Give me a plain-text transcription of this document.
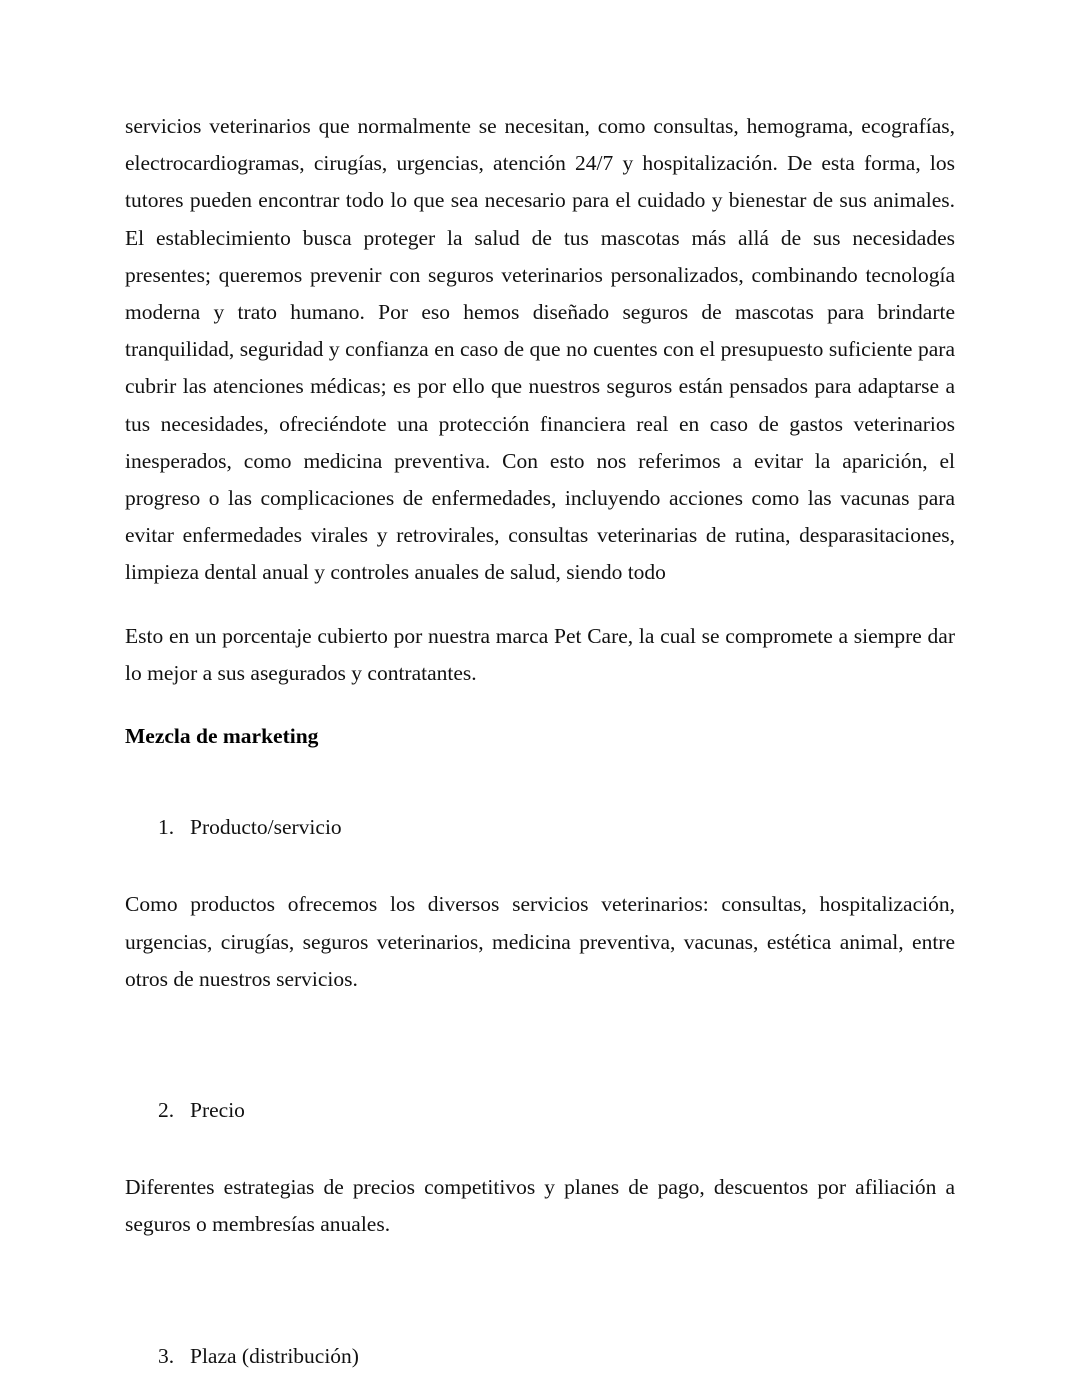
servicios veterinarios que normalmente se necesitan, como consultas, hemograma, ecografías, electrocardiogramas, cirugías, urgencias, atención 24/7 y hospitalización. De esta forma, los tutores pueden encontrar todo lo que sea necesario para el cuidado y bienestar de sus animales. El establecimiento busca proteger la salud de tus mascotas más allá de sus necesidades presentes; queremos prevenir con seguros veterinarios personalizados, combinando tecnología moderna y trato humano. Por eso hemos diseñado seguros de mascotas para brindarte tranquilidad, seguridad y confianza en caso de que no cuentes con el presupuesto suficiente para cubrir las atenciones médicas; es por ello que nuestros seguros están pensados para adaptarse a tus necesidades, ofreciéndote una protección financiera real en caso de gastos veterinarios inesperados, como medicina preventiva. Con esto nos referimos a evitar la aparición, el progreso o las complicaciones de enfermedades, incluyendo acciones como las vacunas para evitar enfermedades virales y retrovirales, consultas veterinarias de rutina, desparasitaciones, limpieza dental anual y controles anuales de salud, siendo todo

Esto en un porcentaje cubierto por nuestra marca Pet Care, la cual se compromete a siempre dar lo mejor a sus asegurados y contratantes.

Mezcla de marketing
1. Producto/servicio

Como productos ofrecemos los diversos servicios veterinarios: consultas, hospitalización, urgencias, cirugías, seguros veterinarios, medicina preventiva, vacunas, estética animal, entre otros de nuestros servicios.

2. Precio

Diferentes estrategias de precios competitivos y planes de pago, descuentos por afiliación a seguros o membresías anuales.

3. Plaza (distribución)
